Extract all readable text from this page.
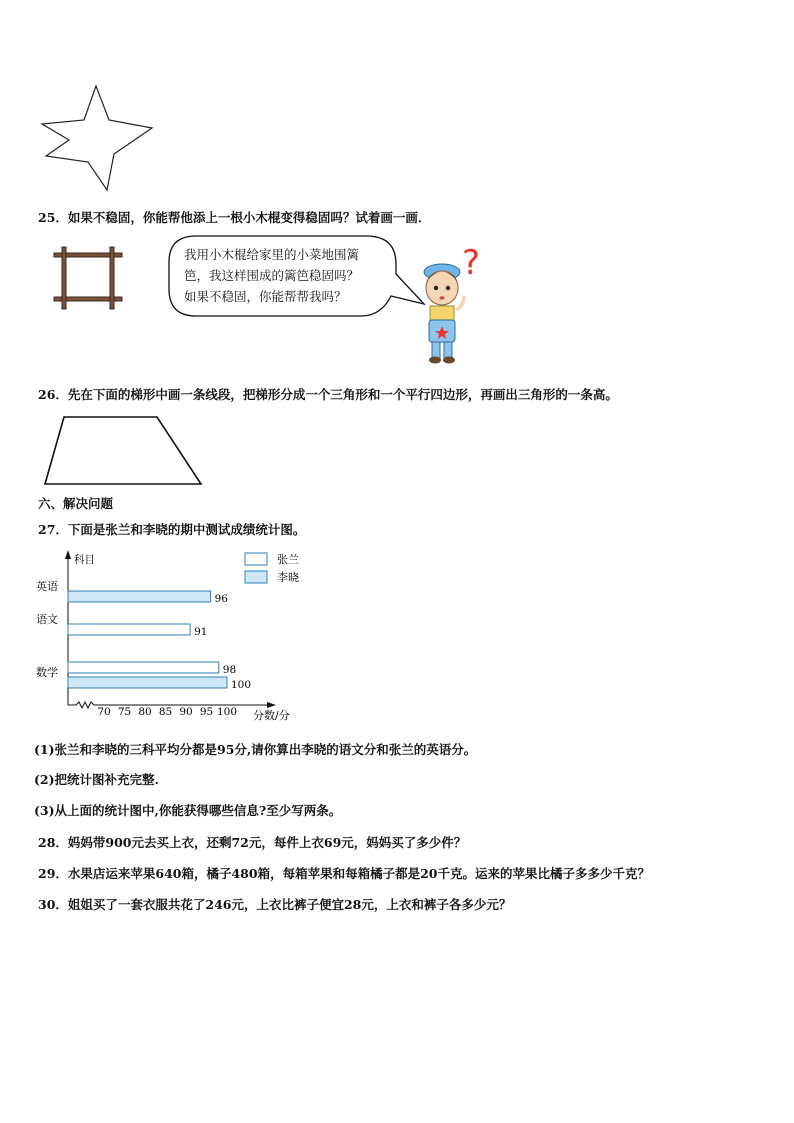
25．如果不稳固，你能帮他添上一根小木棍变得稳固吗？试着画一画．
我用小木棍给家里的小菜地围篱
笆，我这样围成的篱笆稳固吗？
如果不稳固，你能帮帮我吗？
?
26．先在下面的梯形中画一条线段，把梯形分成一个三角形和一个平行四边形，再画出三角形的一条高。
六、解决问题
27．下面是张兰和李晓的期中测试成绩统计图。
科目
分数/分
70 75 80 85 90 95 100
张兰
李晓
英语
96
语文
91
数学	98
100
(1)张兰和李晓的三科平均分都是95分,请你算出李晓的语文分和张兰的英语分。
(2)把统计图补充完整.
(3)从上面的统计图中,你能获得哪些信息?至少写两条。
28．妈妈带900元去买上衣，还剩72元，每件上衣69元，妈妈买了多少件？
29．水果店运来苹果640箱，橘子480箱，每箱苹果和每箱橘子都是20千克。运来的苹果比橘子多多少千克？
30．姐姐买了一套衣服共花了246元，上衣比裤子便宜28元，上衣和裤子各多少元？
